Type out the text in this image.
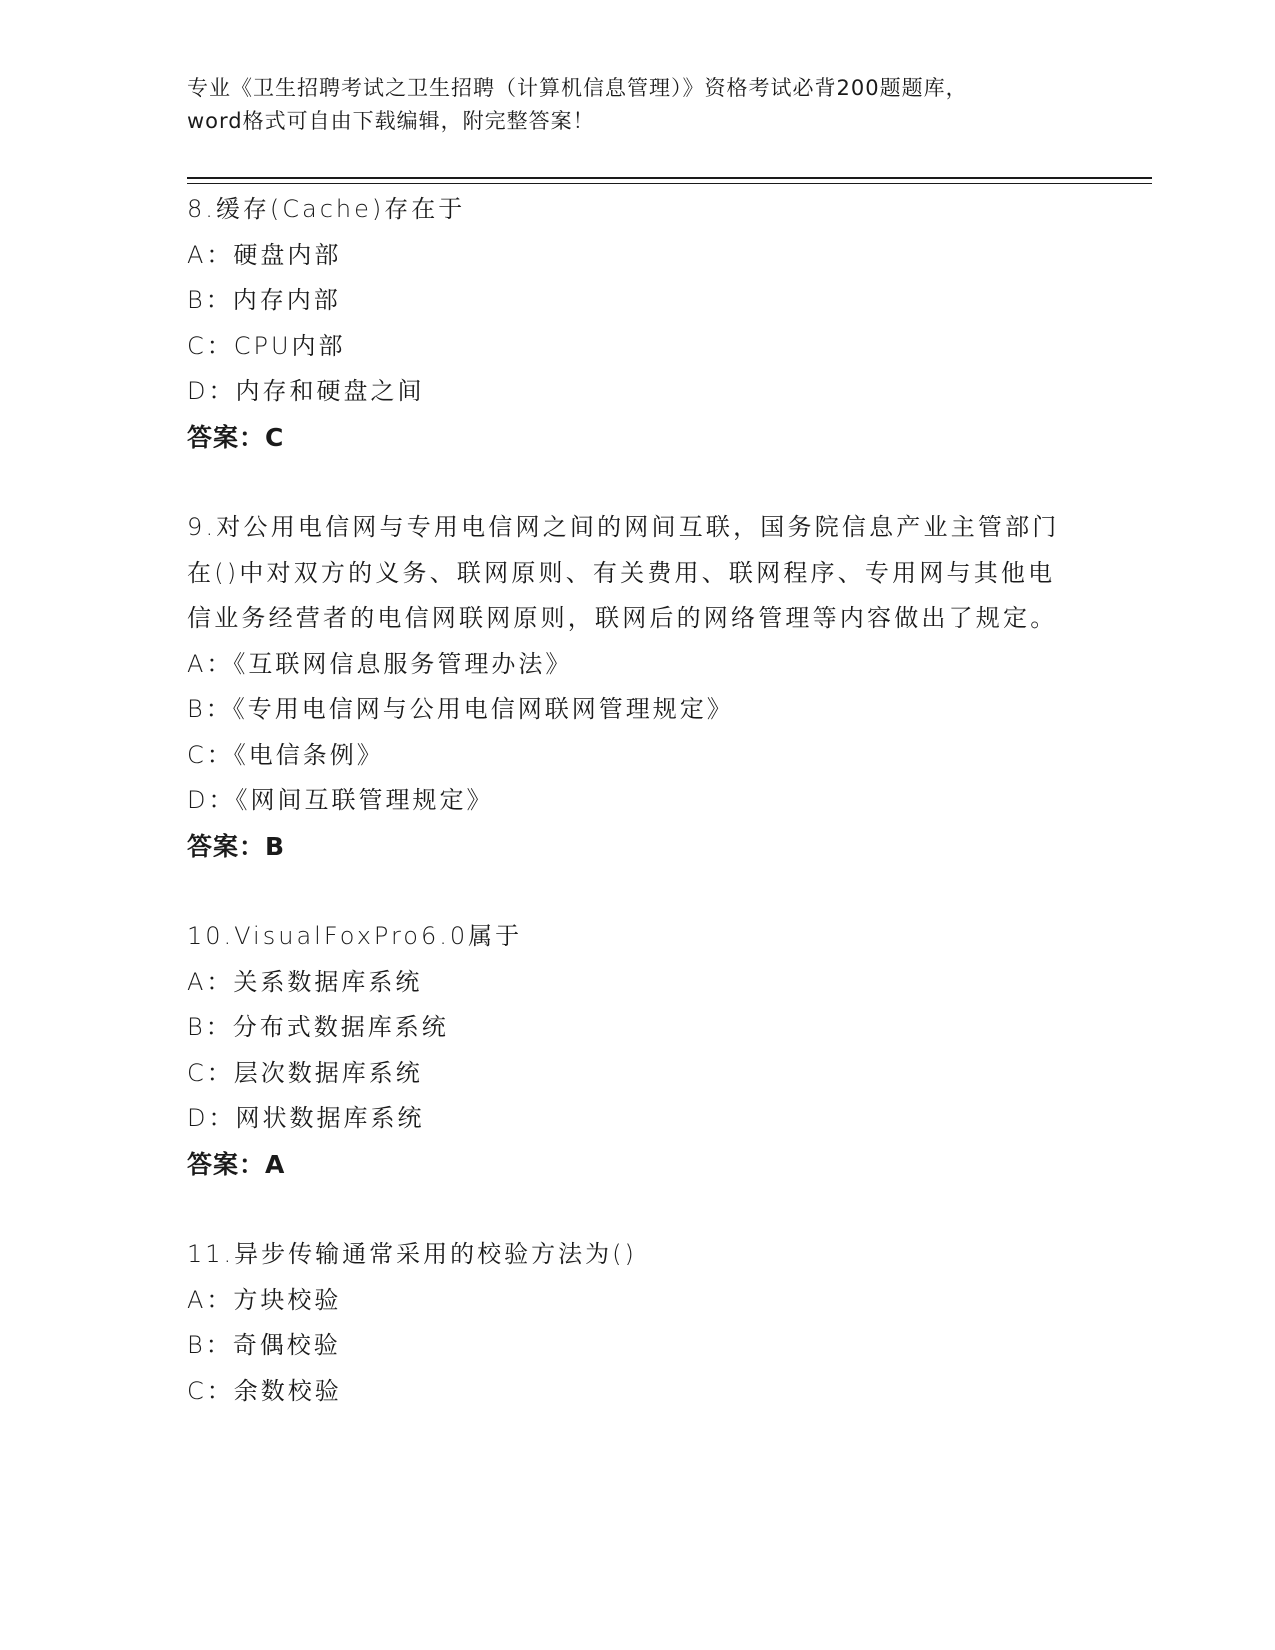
专业《卫生招聘考试之卫生招聘（计算机信息管理）》资格考试必背200题题库，
word格式可自由下载编辑，附完整答案！
8.缓存(Cache)存在于
A：硬盘内部
B：内存内部
C：CPU内部
D：内存和硬盘之间
答案：C
9.对公用电信网与专用电信网之间的网间互联，国务院信息产业主管部门在()中对双方的义务、联网原则、有关费用、联网程序、专用网与其他电信业务经营者的电信网联网原则，联网后的网络管理等内容做出了规定。
A：《互联网信息服务管理办法》
B：《专用电信网与公用电信网联网管理规定》
C：《电信条例》
D：《网间互联管理规定》
答案：B
10.VisualFoxPro6.0属于
A：关系数据库系统
B：分布式数据库系统
C：层次数据库系统
D：网状数据库系统
答案：A
11.异步传输通常采用的校验方法为()
A：方块校验
B：奇偶校验
C：余数校验
